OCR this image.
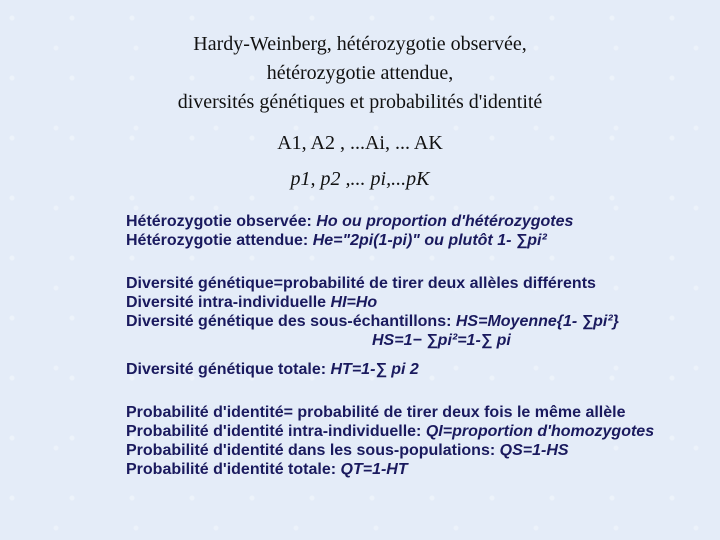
Hardy-Weinberg, hétérozygotie observée,
hétérozygotie attendue,
diversités génétiques et probabilités d'identité
A1, A2 , ...Ai, ... AK
p1, p2 ,... pi,...pK
Hétérozygotie observée: Ho ou proportion d'hétérozygotes
Hétérozygotie attendue: He="2pi(1-pi)" ou plutôt 1- ∑pi²
Diversité génétique=probabilité de tirer deux allèles différents
Diversité intra-individuelle HI=Ho
Diversité génétique des sous-échantillons: HS=Moyenne{1- ∑pi²}
HS=1− ∑pi²=1-∑ pi
Diversité génétique totale: HT=1-∑ pi 2
Probabilité d'identité= probabilité de tirer deux fois le même allèle
Probabilité d'identité intra-individuelle: QI=proportion d'homozygotes
Probabilité d'identité dans les sous-populations: QS=1-HS
Probabilité d'identité totale: QT=1-HT
